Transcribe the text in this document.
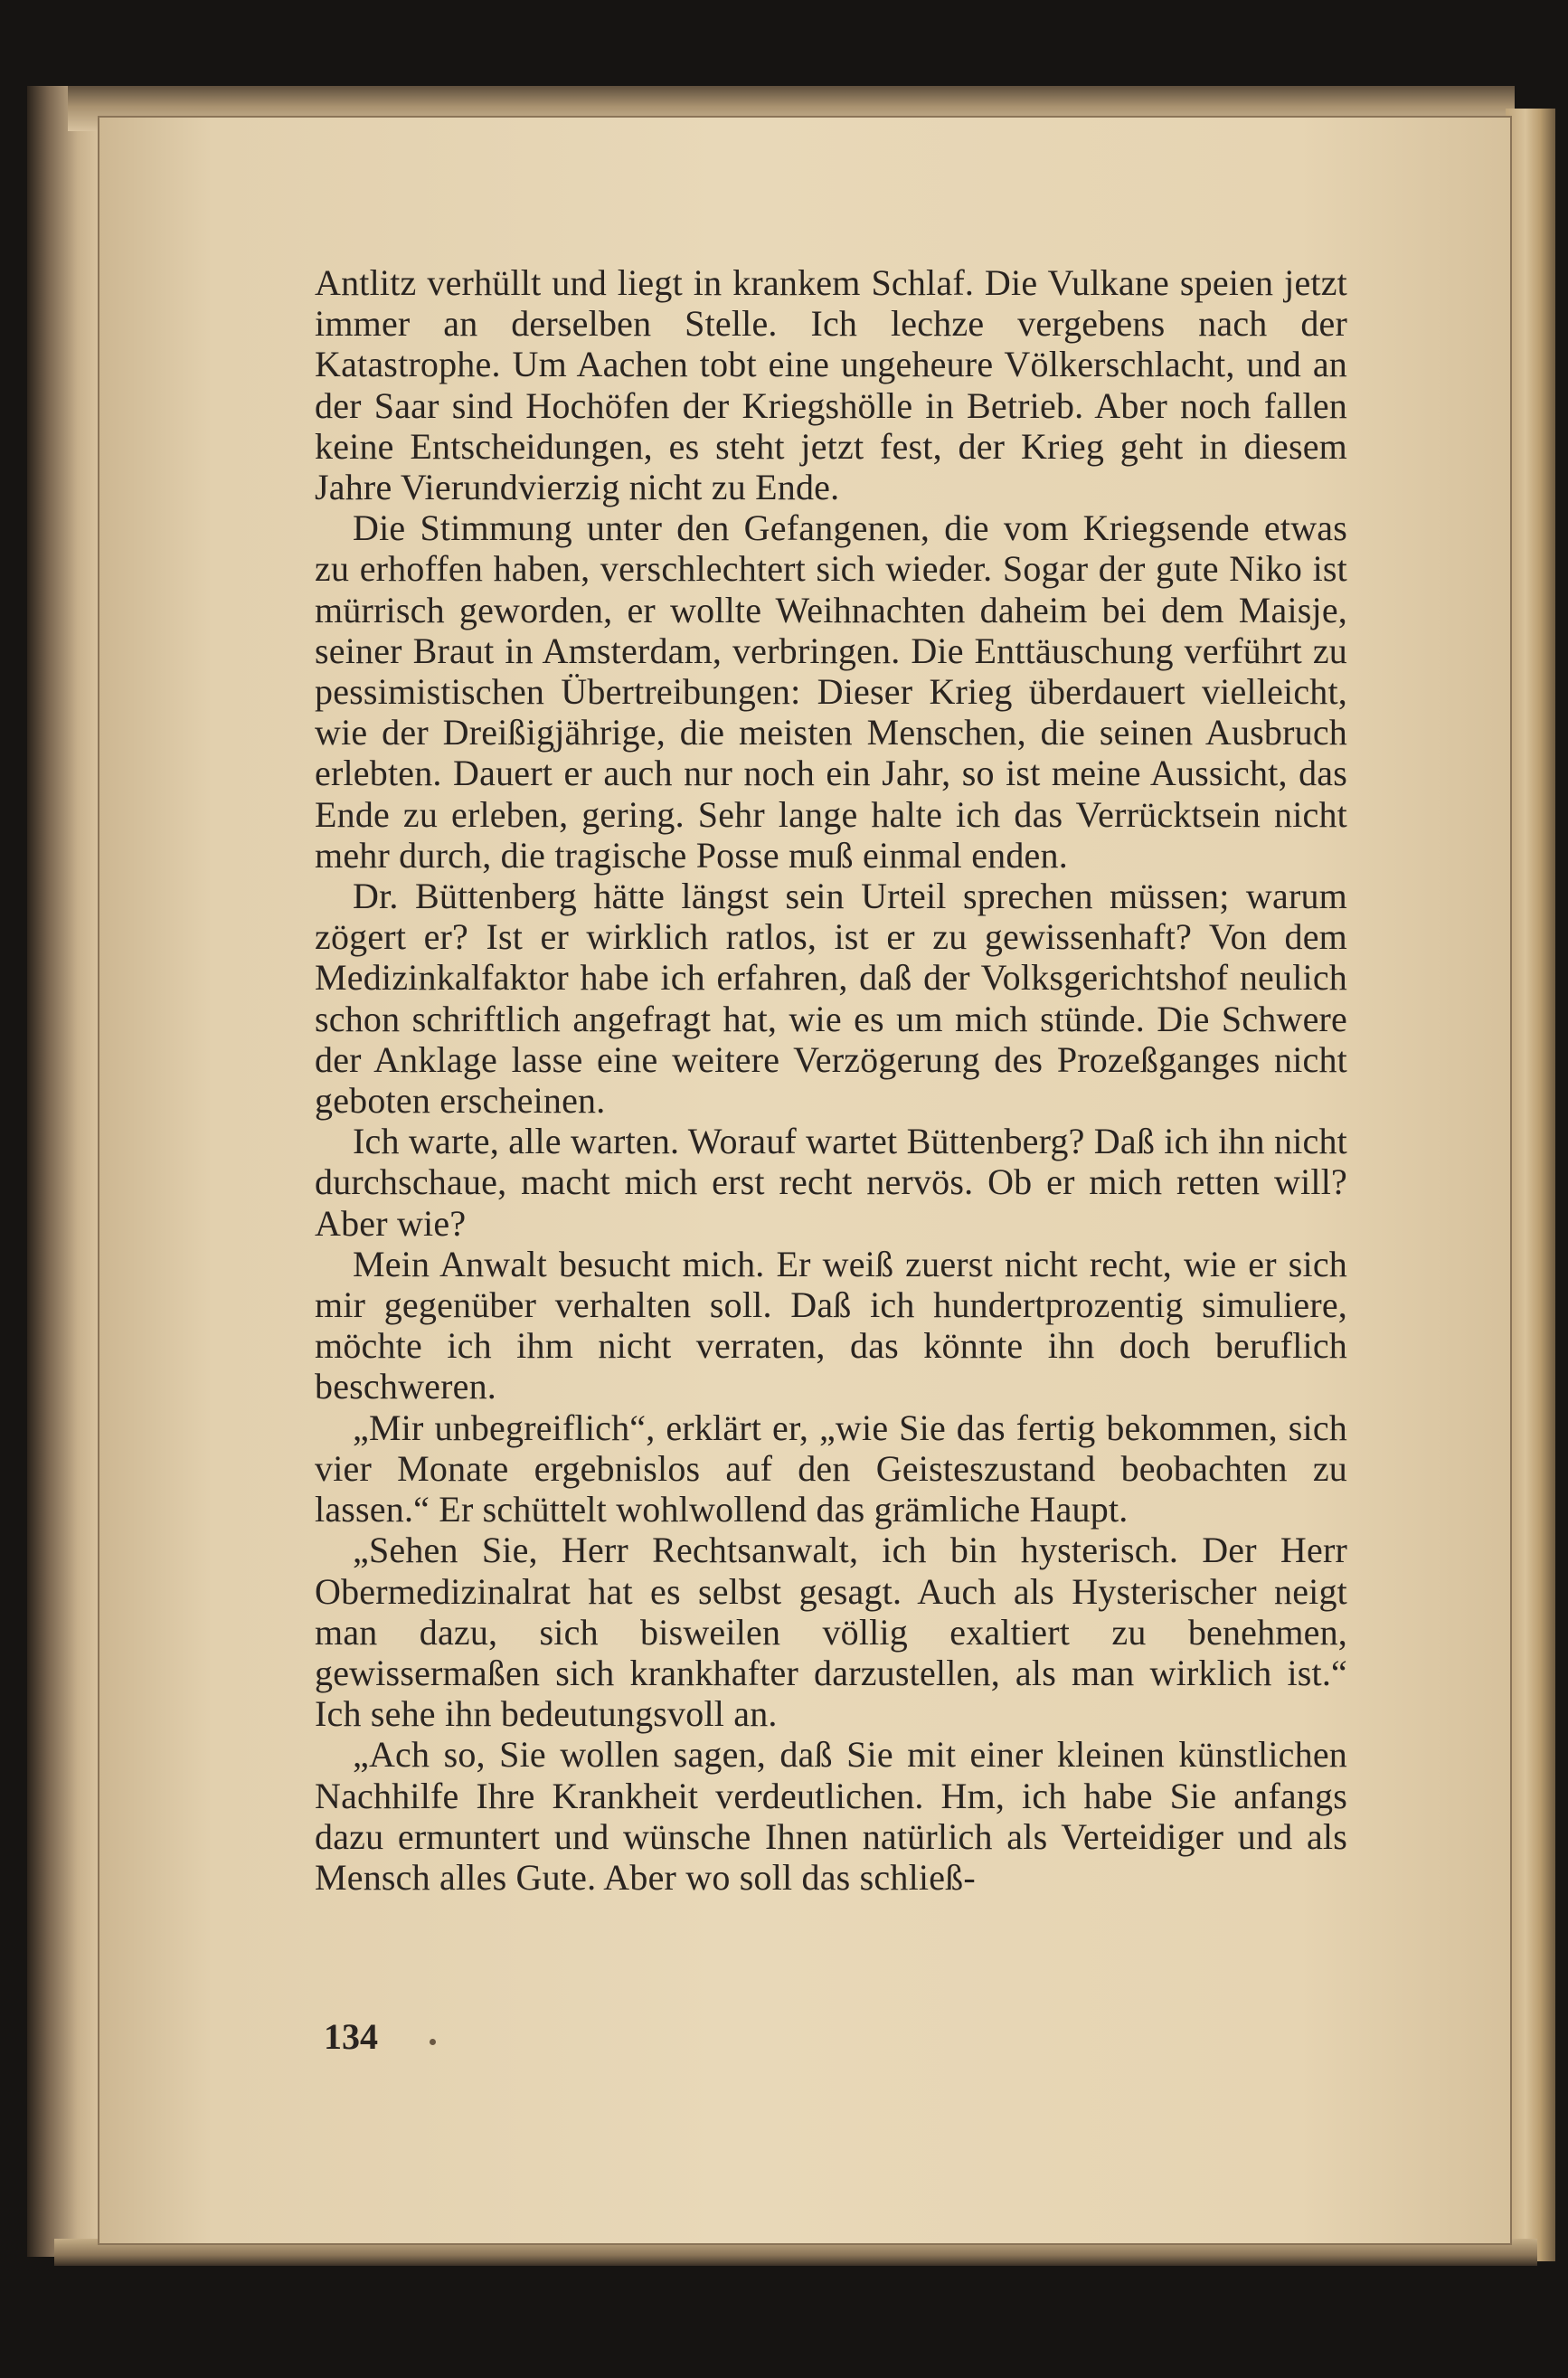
Antlitz verhüllt und liegt in krankem Schlaf. Die Vulkane speien jetzt immer an derselben Stelle. Ich lechze vergebens nach der Katastrophe. Um Aachen tobt eine ungeheure Völkerschlacht, und an der Saar sind Hochöfen der Kriegshölle in Betrieb. Aber noch fallen keine Entscheidungen, es steht jetzt fest, der Krieg geht in diesem Jahre Vierundvierzig nicht zu Ende.

Die Stimmung unter den Gefangenen, die vom Kriegsende etwas zu erhoffen haben, verschlechtert sich wieder. Sogar der gute Niko ist mürrisch geworden, er wollte Weihnachten daheim bei dem Maisje, seiner Braut in Amsterdam, verbringen. Die Enttäuschung verführt zu pessimistischen Übertreibungen: Dieser Krieg überdauert vielleicht, wie der Dreißigjährige, die meisten Menschen, die seinen Ausbruch erlebten. Dauert er auch nur noch ein Jahr, so ist meine Aussicht, das Ende zu erleben, gering. Sehr lange halte ich das Verrücktsein nicht mehr durch, die tragische Posse muß einmal enden.

Dr. Büttenberg hätte längst sein Urteil sprechen müssen; warum zögert er? Ist er wirklich ratlos, ist er zu gewissenhaft? Von dem Medizinkalfaktor habe ich erfahren, daß der Volksgerichtshof neulich schon schriftlich angefragt hat, wie es um mich stünde. Die Schwere der Anklage lasse eine weitere Verzögerung des Prozeßganges nicht geboten erscheinen.

Ich warte, alle warten. Worauf wartet Büttenberg? Daß ich ihn nicht durchschaue, macht mich erst recht nervös. Ob er mich retten will? Aber wie?

Mein Anwalt besucht mich. Er weiß zuerst nicht recht, wie er sich mir gegenüber verhalten soll. Daß ich hundertprozentig simuliere, möchte ich ihm nicht verraten, das könnte ihn doch beruflich beschweren.

„Mir unbegreiflich“, erklärt er, „wie Sie das fertig bekommen, sich vier Monate ergebnislos auf den Geisteszustand beobachten zu lassen.“ Er schüttelt wohlwollend das grämliche Haupt.

„Sehen Sie, Herr Rechtsanwalt, ich bin hysterisch. Der Herr Obermedizinalrat hat es selbst gesagt. Auch als Hysterischer neigt man dazu, sich bisweilen völlig exaltiert zu benehmen, gewissermaßen sich krankhafter darzustellen, als man wirklich ist.“ Ich sehe ihn bedeutungsvoll an.

„Ach so, Sie wollen sagen, daß Sie mit einer kleinen künstlichen Nachhilfe Ihre Krankheit verdeutlichen. Hm, ich habe Sie anfangs dazu ermuntert und wünsche Ihnen natürlich als Verteidiger und als Mensch alles Gute. Aber wo soll das schließ-

134
